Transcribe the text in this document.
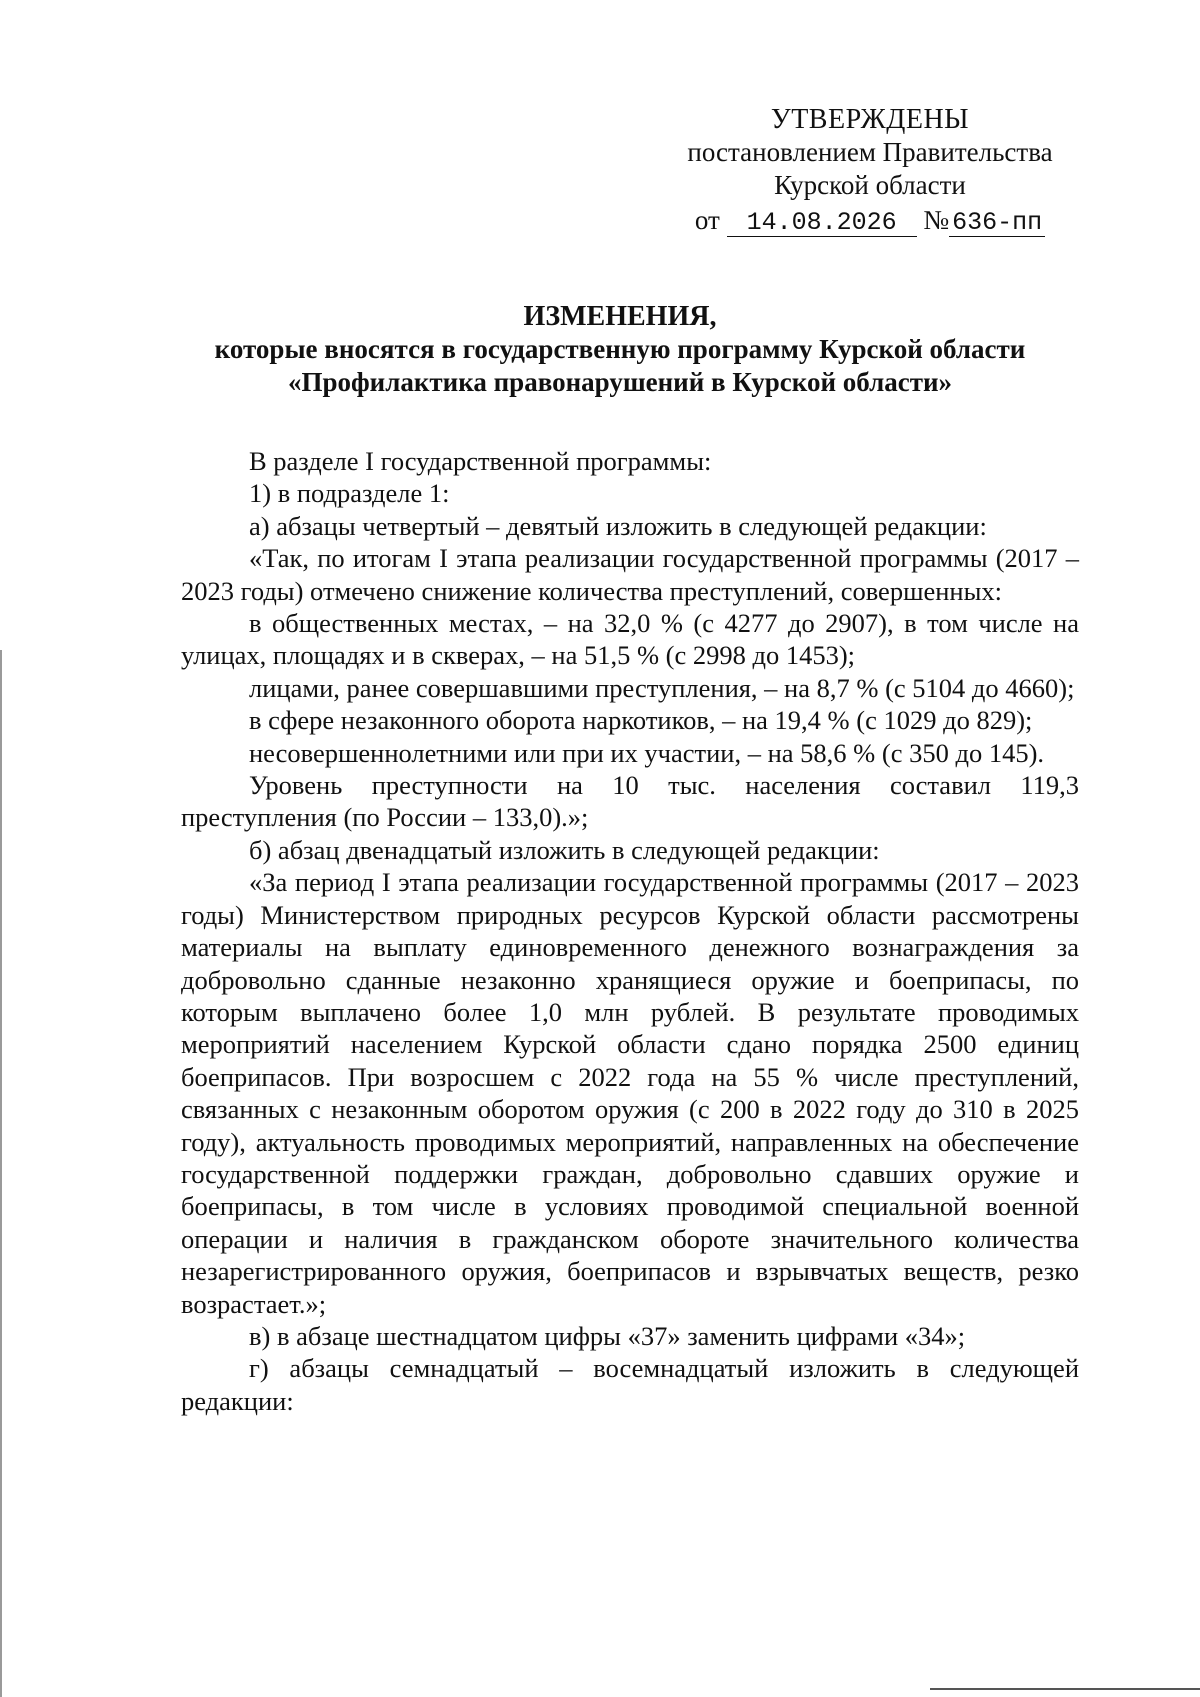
УТВЕРЖДЕНЫ
постановлением Правительства
Курской области
от 14.08.2026 № 636-пп
ИЗМЕНЕНИЯ,
которые вносятся в государственную программу Курской области
«Профилактика правонарушений в Курской области»

В разделе I государственной программы:

1) в подразделе 1:

а) абзацы четвертый – девятый изложить в следующей редакции:

«Так, по итогам I этапа реализации государственной программы (2017 – 2023 годы) отмечено снижение количества преступлений, совершенных:

в общественных местах, – на 32,0 % (с 4277 до 2907), в том числе на улицах, площадях и в скверах, – на 51,5 % (с 2998 до 1453);

лицами, ранее совершавшими преступления, – на 8,7 % (с 5104 до 4660);

в сфере незаконного оборота наркотиков, – на 19,4 % (с 1029 до 829);

несовершеннолетними или при их участии, – на 58,6 % (с 350 до 145).

Уровень преступности на 10 тыс. населения составил 119,3 преступления (по России – 133,0).»;

б) абзац двенадцатый изложить в следующей редакции:

«За период I этапа реализации государственной программы (2017 – 2023 годы) Министерством природных ресурсов Курской области рассмотрены материалы на выплату единовременного денежного вознаграждения за добровольно сданные незаконно хранящиеся оружие и боеприпасы, по которым выплачено более 1,0 млн рублей. В результате проводимых мероприятий населением Курской области сдано порядка 2500 единиц боеприпасов. При возросшем с 2022 года на 55 % числе преступлений, связанных с незаконным оборотом оружия (с 200 в 2022 году до 310 в 2025 году), актуальность проводимых мероприятий, направленных на обеспечение государственной поддержки граждан, добровольно сдавших оружие и боеприпасы, в том числе в условиях проводимой специальной военной операции и наличия в гражданском обороте значительного количества незарегистрированного оружия, боеприпасов и взрывчатых веществ, резко возрастает.»;

в) в абзаце шестнадцатом цифры «37» заменить цифрами «34»;

г) абзацы семнадцатый – восемнадцатый изложить в следующей редакции:
